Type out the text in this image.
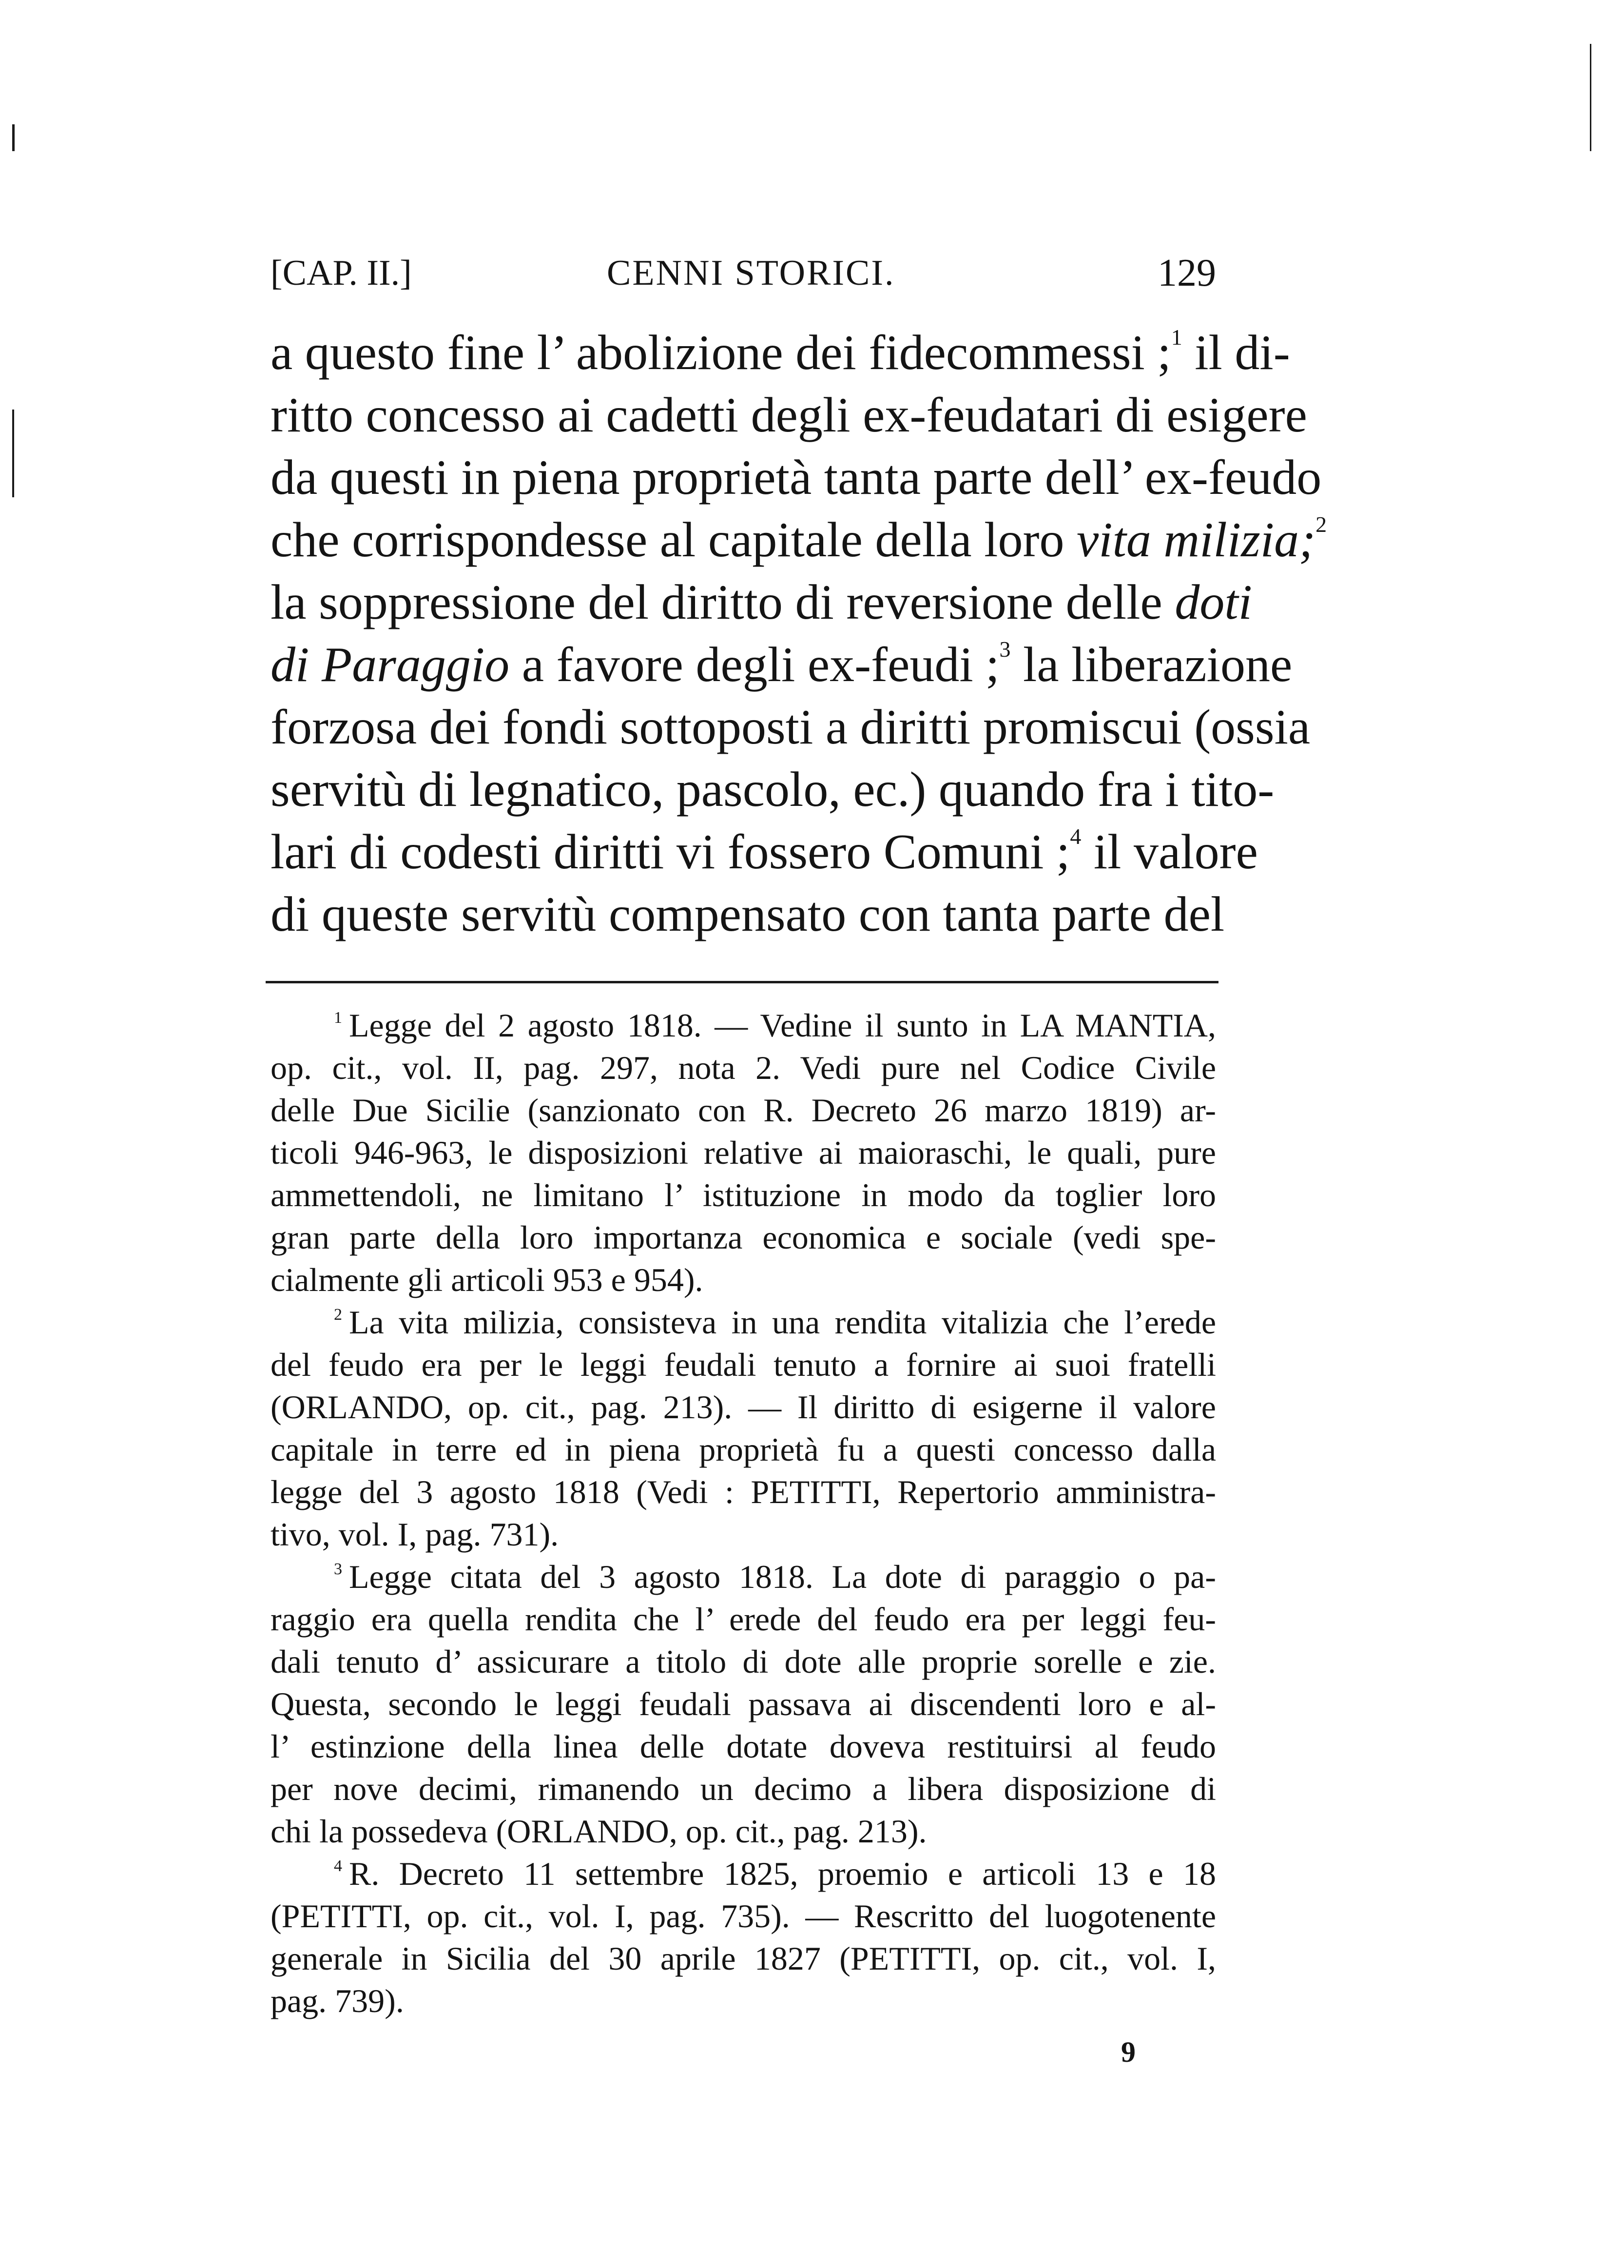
[CAP. II.]	CENNI STORICI.	129
a questo fine l’ abolizione dei fidecommessi ;$^1$ il di-
ritto concesso ai cadetti degli ex-feudatari di esigere
da questi in piena proprietà tanta parte dell’ ex-feudo
che corrispondesse al capitale della loro vita milizia;$^2$
la soppressione del diritto di reversione delle doti
di Paraggio a favore degli ex-feudi ;$^3$ la liberazione
forzosa dei fondi sottoposti a diritti promiscui (ossia
servitù di legnatico, pascolo, ec.) quando fra i tito-
lari di codesti diritti vi fossero Comuni ;$^4$ il valore
di queste servitù compensato con tanta parte del
$^1$ Legge del 2 agosto 1818. — Vedine il sunto in LA MANTIA,
op. cit., vol. II, pag. 297, nota 2. Vedi pure nel Codice Civile
delle Due Sicilie (sanzionato con R. Decreto 26 marzo 1819) ar-
ticoli 946-963, le disposizioni relative ai maioraschi, le quali, pure
ammettendoli, ne limitano l’ istituzione in modo da toglier loro
gran parte della loro importanza economica e sociale (vedi spe-
cialmente gli articoli 953 e 954).
$^2$ La vita milizia, consisteva in una rendita vitalizia che l’erede
del feudo era per le leggi feudali tenuto a fornire ai suoi fratelli
(ORLANDO, op. cit., pag. 213). — Il diritto di esigerne il valore
capitale in terre ed in piena proprietà fu a questi concesso dalla
legge del 3 agosto 1818 (Vedi : PETITTI, Repertorio amministra-
tivo, vol. I, pag. 731).
$^3$ Legge citata del 3 agosto 1818. La dote di paraggio o pa-
raggio era quella rendita che l’ erede del feudo era per leggi feu-
dali tenuto d’ assicurare a titolo di dote alle proprie sorelle e zie.
Questa, secondo le leggi feudali passava ai discendenti loro e al-
l’ estinzione della linea delle dotate doveva restituirsi al feudo
per nove decimi, rimanendo un decimo a libera disposizione di
chi la possedeva (ORLANDO, op. cit., pag. 213).
$^4$ R. Decreto 11 settembre 1825, proemio e articoli 13 e 18
(PETITTI, op. cit., vol. I, pag. 735). — Rescritto del luogotenente
generale in Sicilia del 30 aprile 1827 (PETITTI, op. cit., vol. I,
pag. 739).
9
